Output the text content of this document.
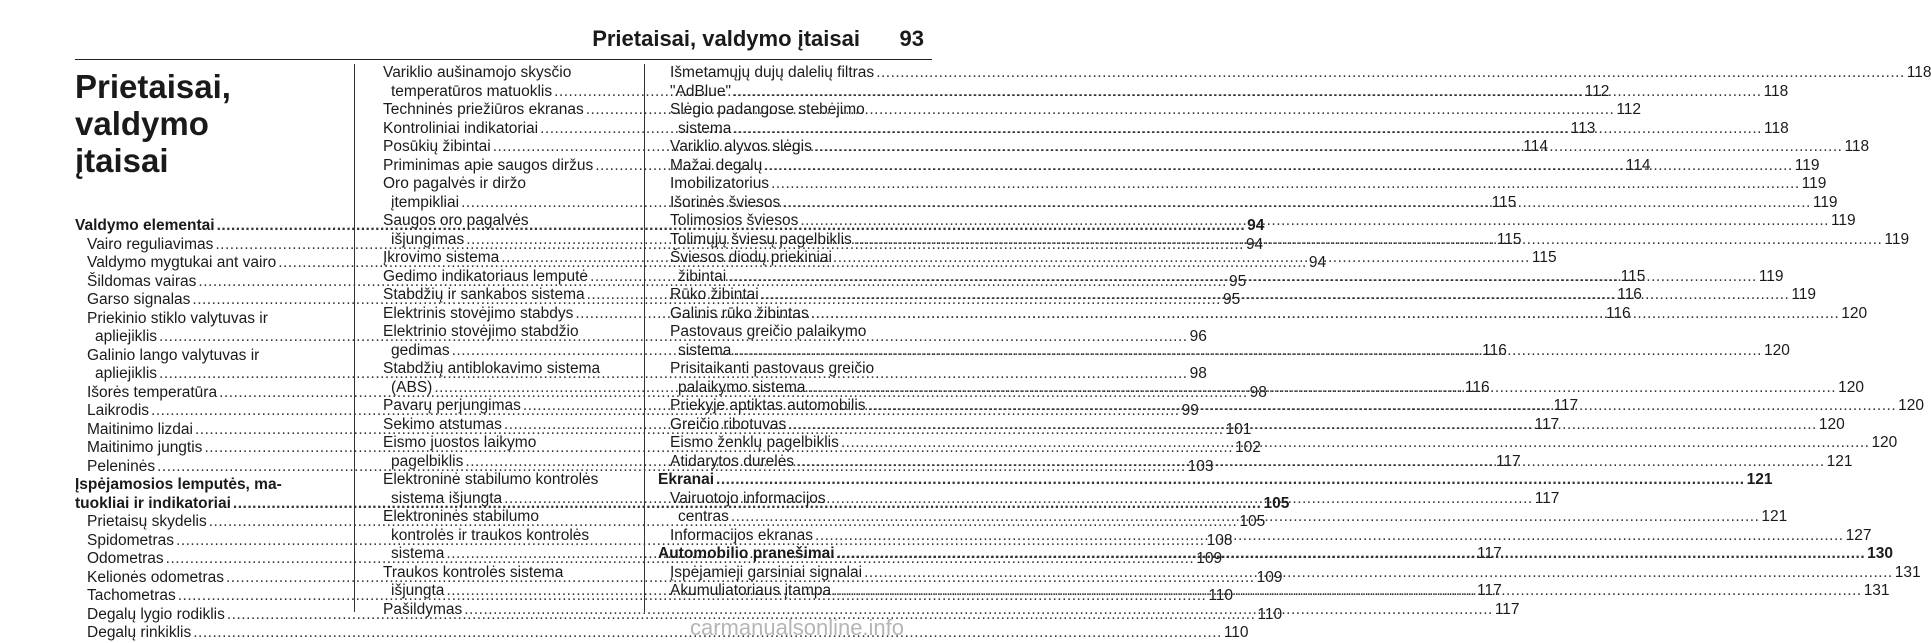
Prietaisai, valdymo įtaisai 93
Prietaisai, valdymo
įtaisai
Valdymo elementai .....	94
Vairo reguliavimas .....	94
Valdymo mygtukai ant vairo .....	94
Šildomas vairas .....	95
Garso signalas .....	95
Priekinio stiklo valytuvas ir
apliejiklis .....	96
Galinio lango valytuvas ir
apliejiklis .....	98
Išorės temperatūra .....	98
Laikrodis .....	99
Maitinimo lizdai .....	101
Maitinimo jungtis .....	102
Peleninės .....	103
Įspėjamosios lemputės, ma-
tuokliai ir indikatoriai .....	105
Prietaisų skydelis .....	105
Spidometras .....	108
Odometras .....	109
Kelionės odometras .....	109
Tachometras .....	110
Degalų lygio rodiklis .....	110
Degalų rinkiklis .....	110
Variklio aušinamojo skysčio
temperatūros matuoklis .....	112
Techninės priežiūros ekranas .....	112
Kontroliniai indikatoriai .....	113
Posūkių žibintai .....	114
Priminimas apie saugos diržus .....	114
Oro pagalvės ir diržo
įtempikliai .....	115
Saugos oro pagalvės
išjungimas .....	115
Įkrovimo sistema .....	115
Gedimo indikatoriaus lemputė .....	115
Stabdžių ir sankabos sistema .....	116
Elektrinis stovėjimo stabdys .....	116
Elektrinio stovėjimo stabdžio
gedimas .....	116
Stabdžių antiblokavimo sistema
(ABS) .....	116
Pavarų perjungimas .....	117
Sekimo atstumas .....	117
Eismo juostos laikymo
pagelbiklis .....	117
Elektroninė stabilumo kontrolės
sistema išjungta .....	117
Elektroninės stabilumo
kontrolės ir traukos kontrolės
sistema .....	117
Traukos kontrolės sistema
išjungta .....	117
Pašildymas .....	117
Išmetamųjų dujų dalelių filtras .....	118
"AdBlue" .....	118
Slėgio padangose stebėjimo
sistema .....	118
Variklio alyvos slėgis .....	118
Mažai degalų .....	119
Imobilizatorius .....	119
Išorinės šviesos .....	119
Tolimosios šviesos .....	119
Tolimųjų šviesų pagelbiklis .....	119
Šviesos diodų priekiniai
žibintai .....	119
Rūko žibintai .....	119
Galinis rūko žibintas .....	120
Pastovaus greičio palaikymo
sistema .....	120
Prisitaikanti pastovaus greičio
palaikymo sistema .....	120
Priekyje aptiktas automobilis .....	120
Greičio ribotuvas .....	120
Eismo ženklų pagelbiklis .....	120
Atidarytos durelės .....	121
Ekranai .....	121
Vairuotojo informacijos
centras .....	121
Informacijos ekranas .....	127
Automobilio pranešimai .....	130
Įspėjamieji garsiniai signalai .....	131
Akumuliatoriaus įtampa .....	131
carmanualsonline.info
